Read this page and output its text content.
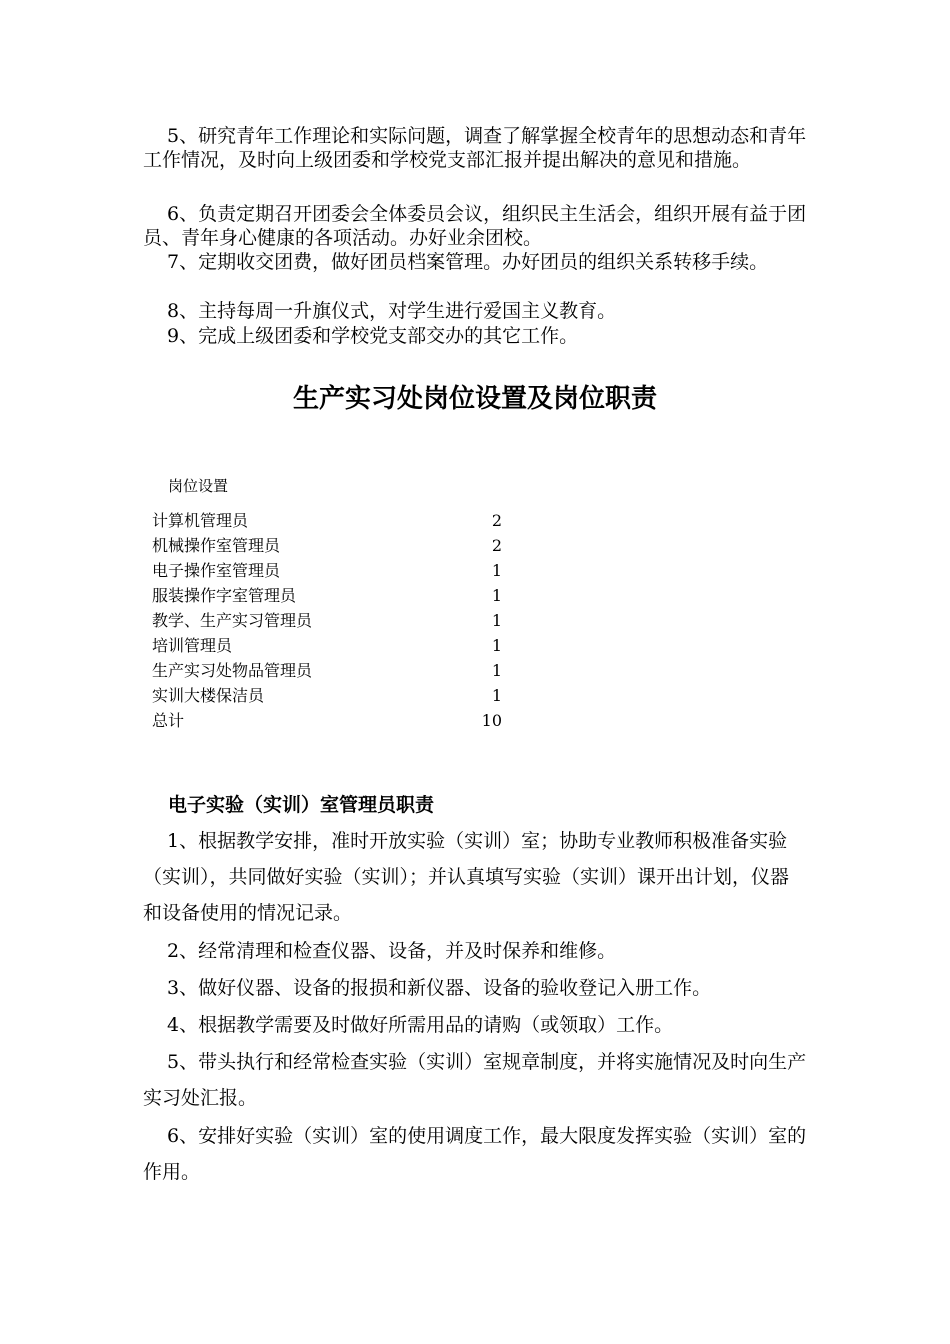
5、研究青年工作理论和实际问题，调查了解掌握全校青年的思想动态和青年工作情况，及时向上级团委和学校党支部汇报并提出解决的意见和措施。

6、负责定期召开团委会全体委员会议，组织民主生活会，组织开展有益于团员、青年身心健康的各项活动。办好业余团校。

7、定期收交团费，做好团员档案管理。办好团员的组织关系转移手续。

8、主持每周一升旗仪式，对学生进行爱国主义教育。

9、完成上级团委和学校党支部交办的其它工作。

生产实习处岗位设置及岗位职责
岗位设置
计算机管理员	2
机械操作室管理员	2
电子操作室管理员	1
服装操作字室管理员	1
教学、生产实习管理员	1
培训管理员	1
生产实习处物品管理员	1
实训大楼保洁员	1
总计	10
电子实验（实训）室管理员职责

1、根据教学安排，准时开放实验（实训）室；协助专业教师积极准备实验（实训），共同做好实验（实训）；并认真填写实验（实训）课开出计划，仪器和设备使用的情况记录。

2、经常清理和检查仪器、设备，并及时保养和维修。

3、做好仪器、设备的报损和新仪器、设备的验收登记入册工作。

4、根据教学需要及时做好所需用品的请购（或领取）工作。

5、带头执行和经常检查实验（实训）室规章制度，并将实施情况及时向生产实习处汇报。

6、安排好实验（实训）室的使用调度工作，最大限度发挥实验（实训）室的作用。
